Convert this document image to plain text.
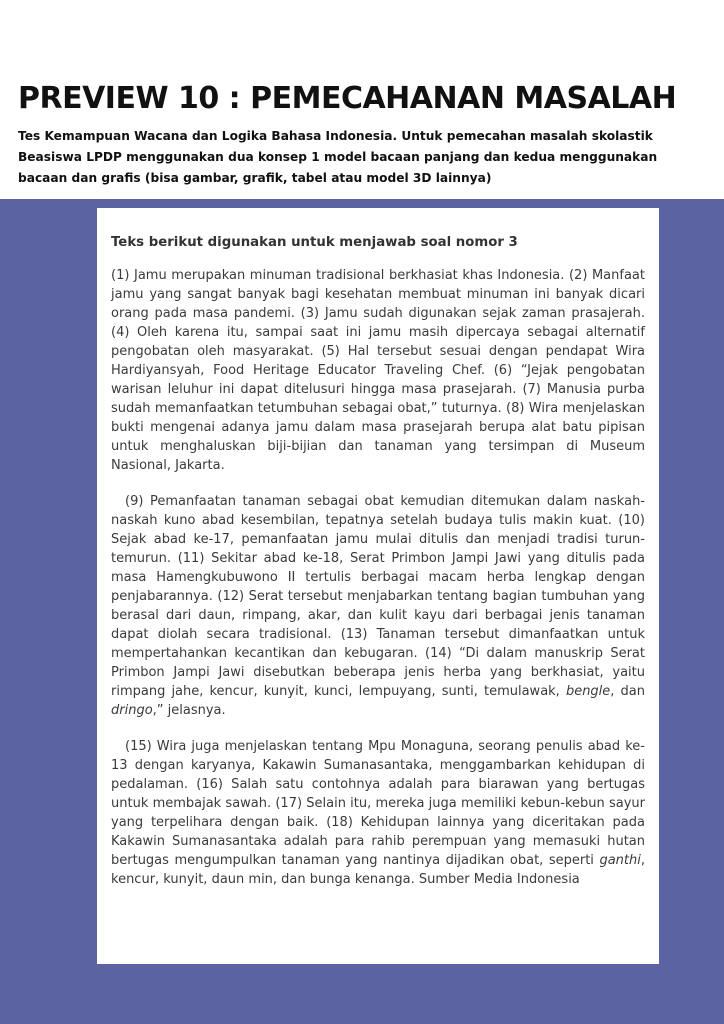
PREVIEW 10 : PEMECAHANAN MASALAH
Tes Kemampuan Wacana dan Logika Bahasa Indonesia. Untuk pemecahan masalah skolastik Beasiswa LPDP menggunakan dua konsep 1 model bacaan panjang dan kedua menggunakan bacaan dan grafis (bisa gambar, grafik, tabel atau model 3D lainnya)
Teks berikut digunakan untuk menjawab soal nomor 3

(1) Jamu merupakan minuman tradisional berkhasiat khas Indonesia. (2) Manfaat jamu yang sangat banyak bagi kesehatan membuat minuman ini banyak dicari orang pada masa pandemi. (3) Jamu sudah digunakan sejak zaman prasajerah. (4) Oleh karena itu, sampai saat ini jamu masih dipercaya sebagai alternatif pengobatan oleh masyarakat. (5) Hal tersebut sesuai dengan pendapat Wira Hardiyansyah, Food Heritage Educator Traveling Chef. (6) “Jejak pengobatan warisan leluhur ini dapat ditelusuri hingga masa prasejarah. (7) Manusia purba sudah memanfaatkan tetumbuhan sebagai obat,” tuturnya. (8) Wira menjelaskan bukti mengenai adanya jamu dalam masa prasejarah berupa alat batu pipisan untuk menghaluskan biji-bijian dan tanaman yang tersimpan di Museum Nasional, Jakarta.

(9) Pemanfaatan tanaman sebagai obat kemudian ditemukan dalam naskah-naskah kuno abad kesembilan, tepatnya setelah budaya tulis makin kuat. (10) Sejak abad ke-17, pemanfaatan jamu mulai ditulis dan menjadi tradisi turun-temurun. (11) Sekitar abad ke-18, Serat Primbon Jampi Jawi yang ditulis pada masa Hamengkubuwono II tertulis berbagai macam herba lengkap dengan penjabarannya. (12) Serat tersebut menjabarkan tentang bagian tumbuhan yang berasal dari daun, rimpang, akar, dan kulit kayu dari berbagai jenis tanaman dapat diolah secara tradisional. (13) Tanaman tersebut dimanfaatkan untuk mempertahankan kecantikan dan kebugaran. (14) “Di dalam manuskrip Serat Primbon Jampi Jawi disebutkan beberapa jenis herba yang berkhasiat, yaitu rimpang jahe, kencur, kunyit, kunci, lempuyang, sunti, temulawak, bengle, dan dringo,” jelasnya.

(15) Wira juga menjelaskan tentang Mpu Monaguna, seorang penulis abad ke-13 dengan karyanya, Kakawin Sumanasantaka, menggambarkan kehidupan di pedalaman. (16) Salah satu contohnya adalah para biarawan yang bertugas untuk membajak sawah. (17) Selain itu, mereka juga memiliki kebun-kebun sayur yang terpelihara dengan baik. (18) Kehidupan lainnya yang diceritakan pada Kakawin Sumanasantaka adalah para rahib perempuan yang memasuki hutan bertugas mengumpulkan tanaman yang nantinya dijadikan obat, seperti ganthi, kencur, kunyit, daun min, dan bunga kenanga. Sumber Media Indonesia
